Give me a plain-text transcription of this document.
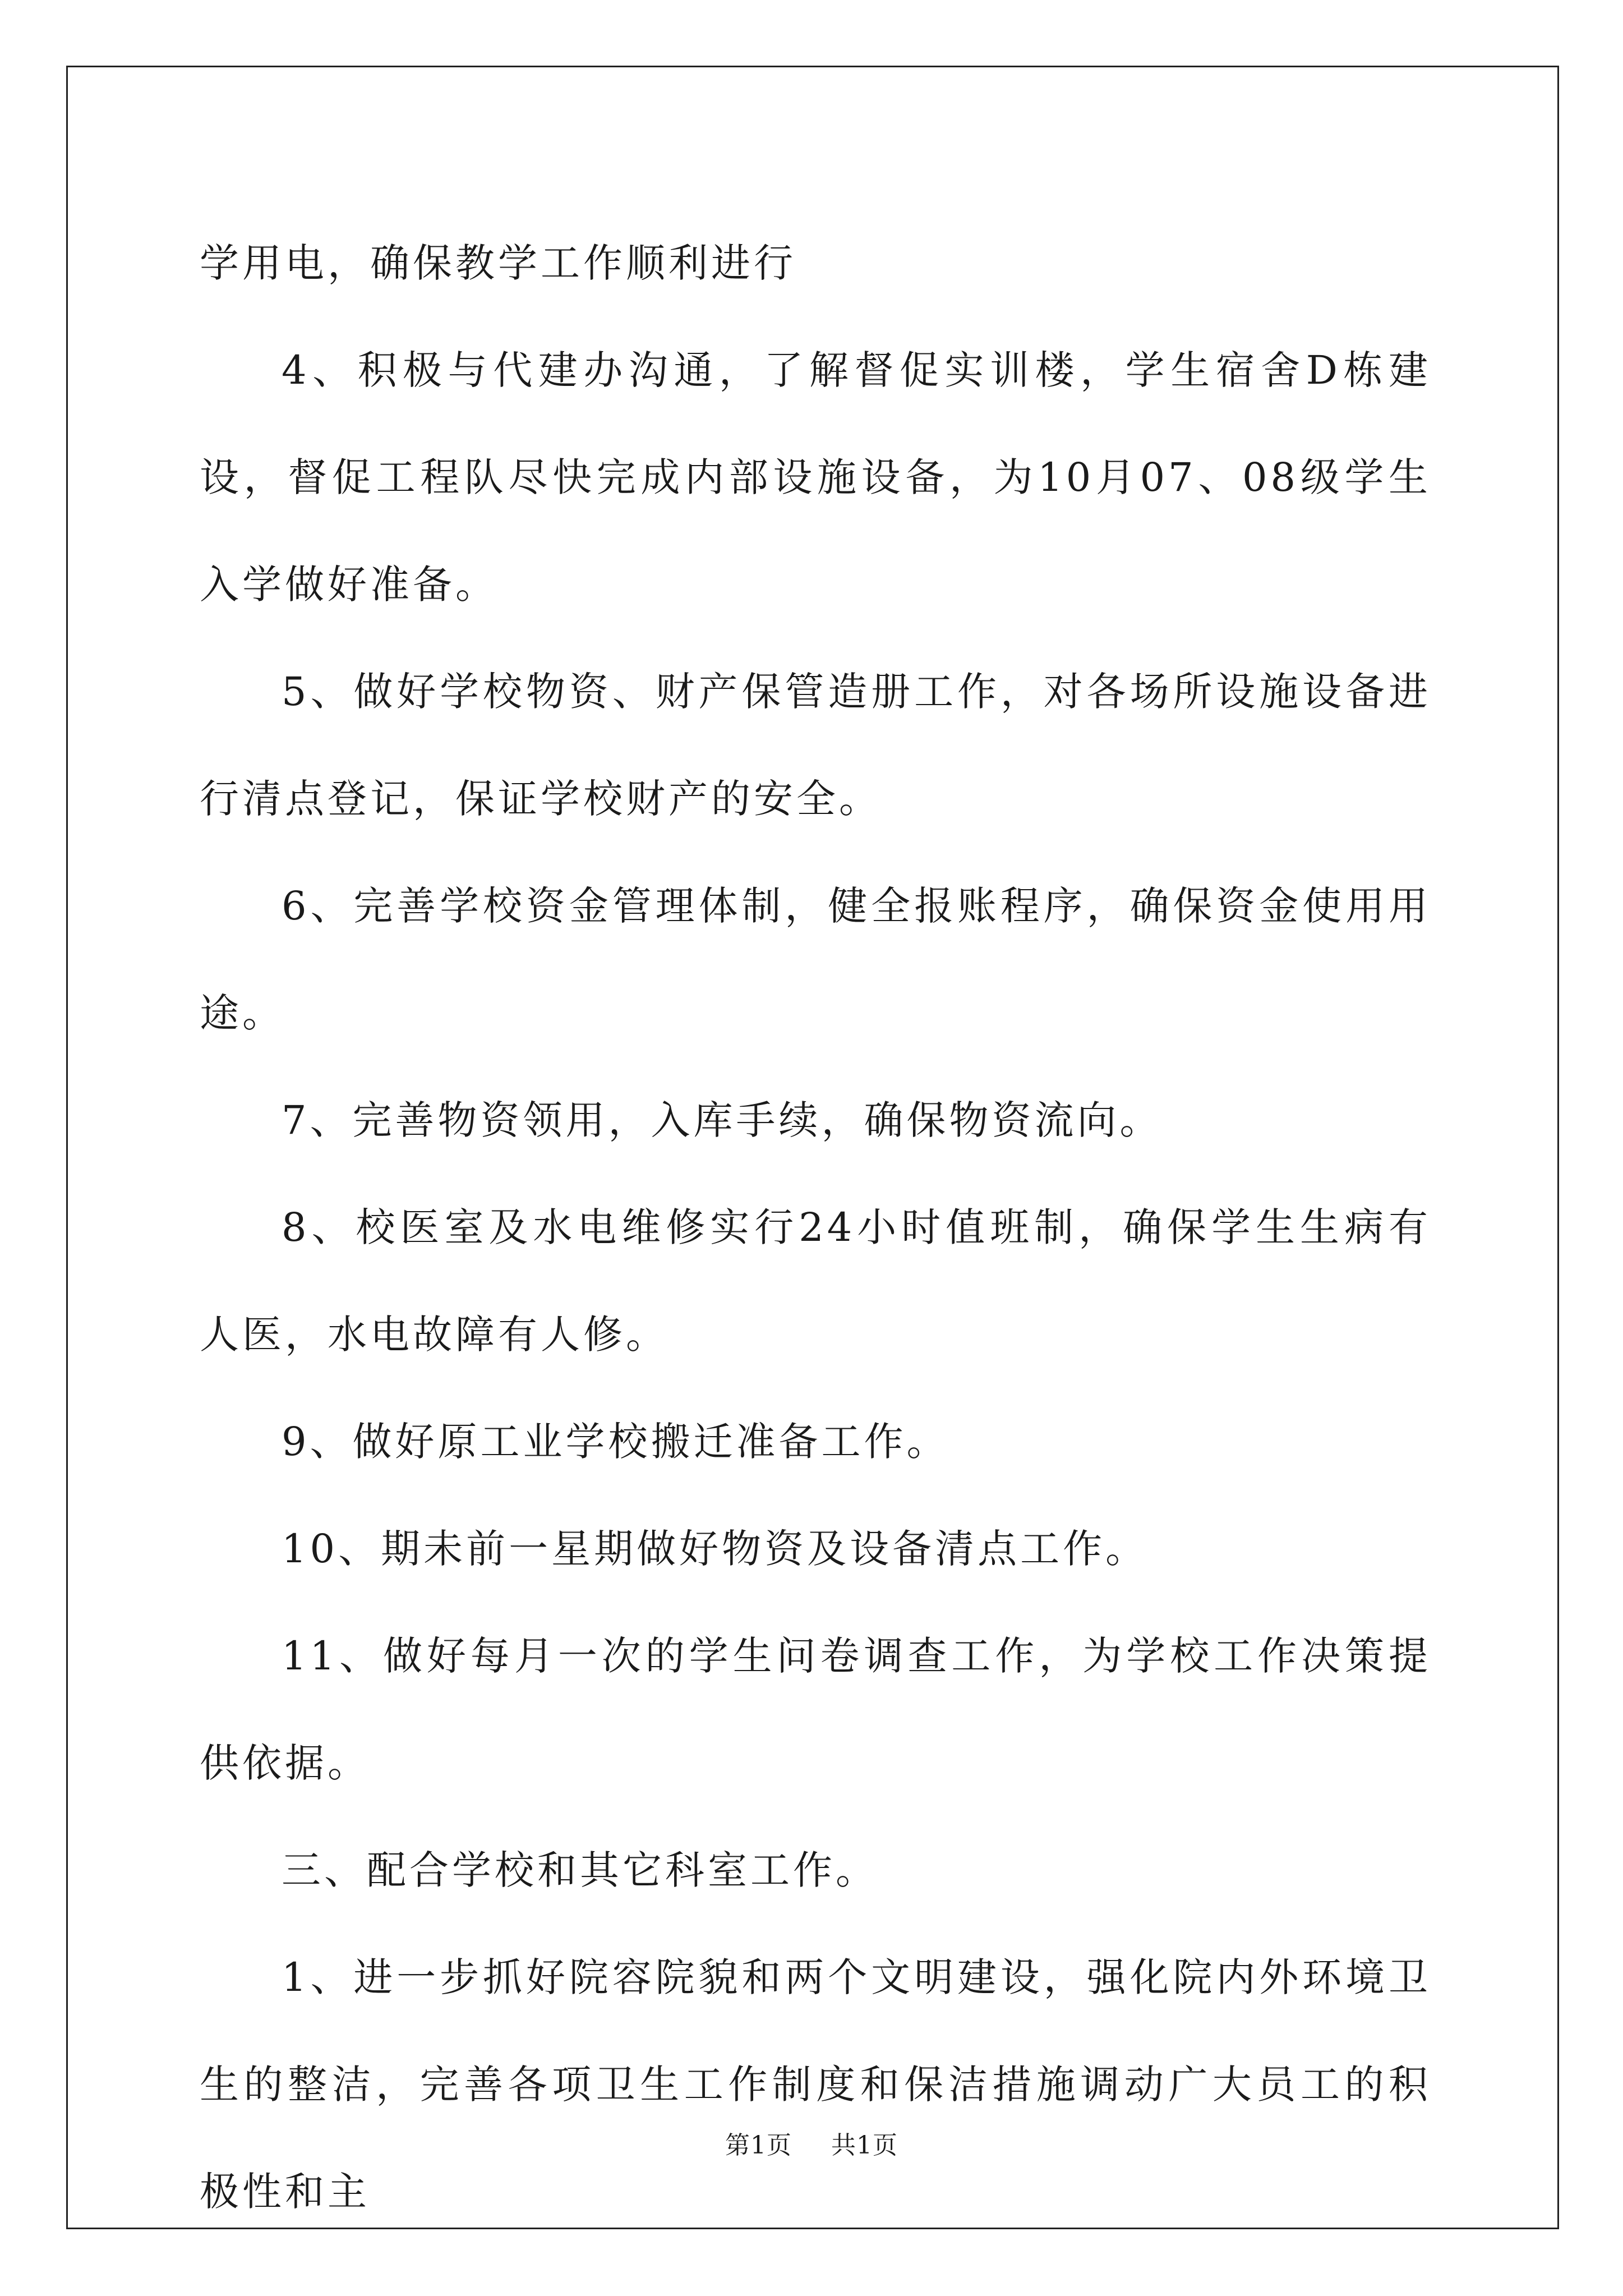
学用电，确保教学工作顺利进行

4、积极与代建办沟通，了解督促实训楼，学生宿舍D栋建设，督促工程队尽快完成内部设施设备，为10月07、08级学生入学做好准备。

5、做好学校物资、财产保管造册工作，对各场所设施设备进行清点登记，保证学校财产的安全。

6、完善学校资金管理体制，健全报账程序，确保资金使用用途。

7、完善物资领用，入库手续，确保物资流向。

8、校医室及水电维修实行24小时值班制，确保学生生病有人医，水电故障有人修。

9、做好原工业学校搬迁准备工作。

10、期未前一星期做好物资及设备清点工作。

11、做好每月一次的学生问卷调查工作，为学校工作决策提供依据。

三、配合学校和其它科室工作。

1、进一步抓好院容院貌和两个文明建设，强化院内外环境卫生的整洁，完善各项卫生工作制度和保洁措施调动广大员工的积极性和主

第1页 共1页
